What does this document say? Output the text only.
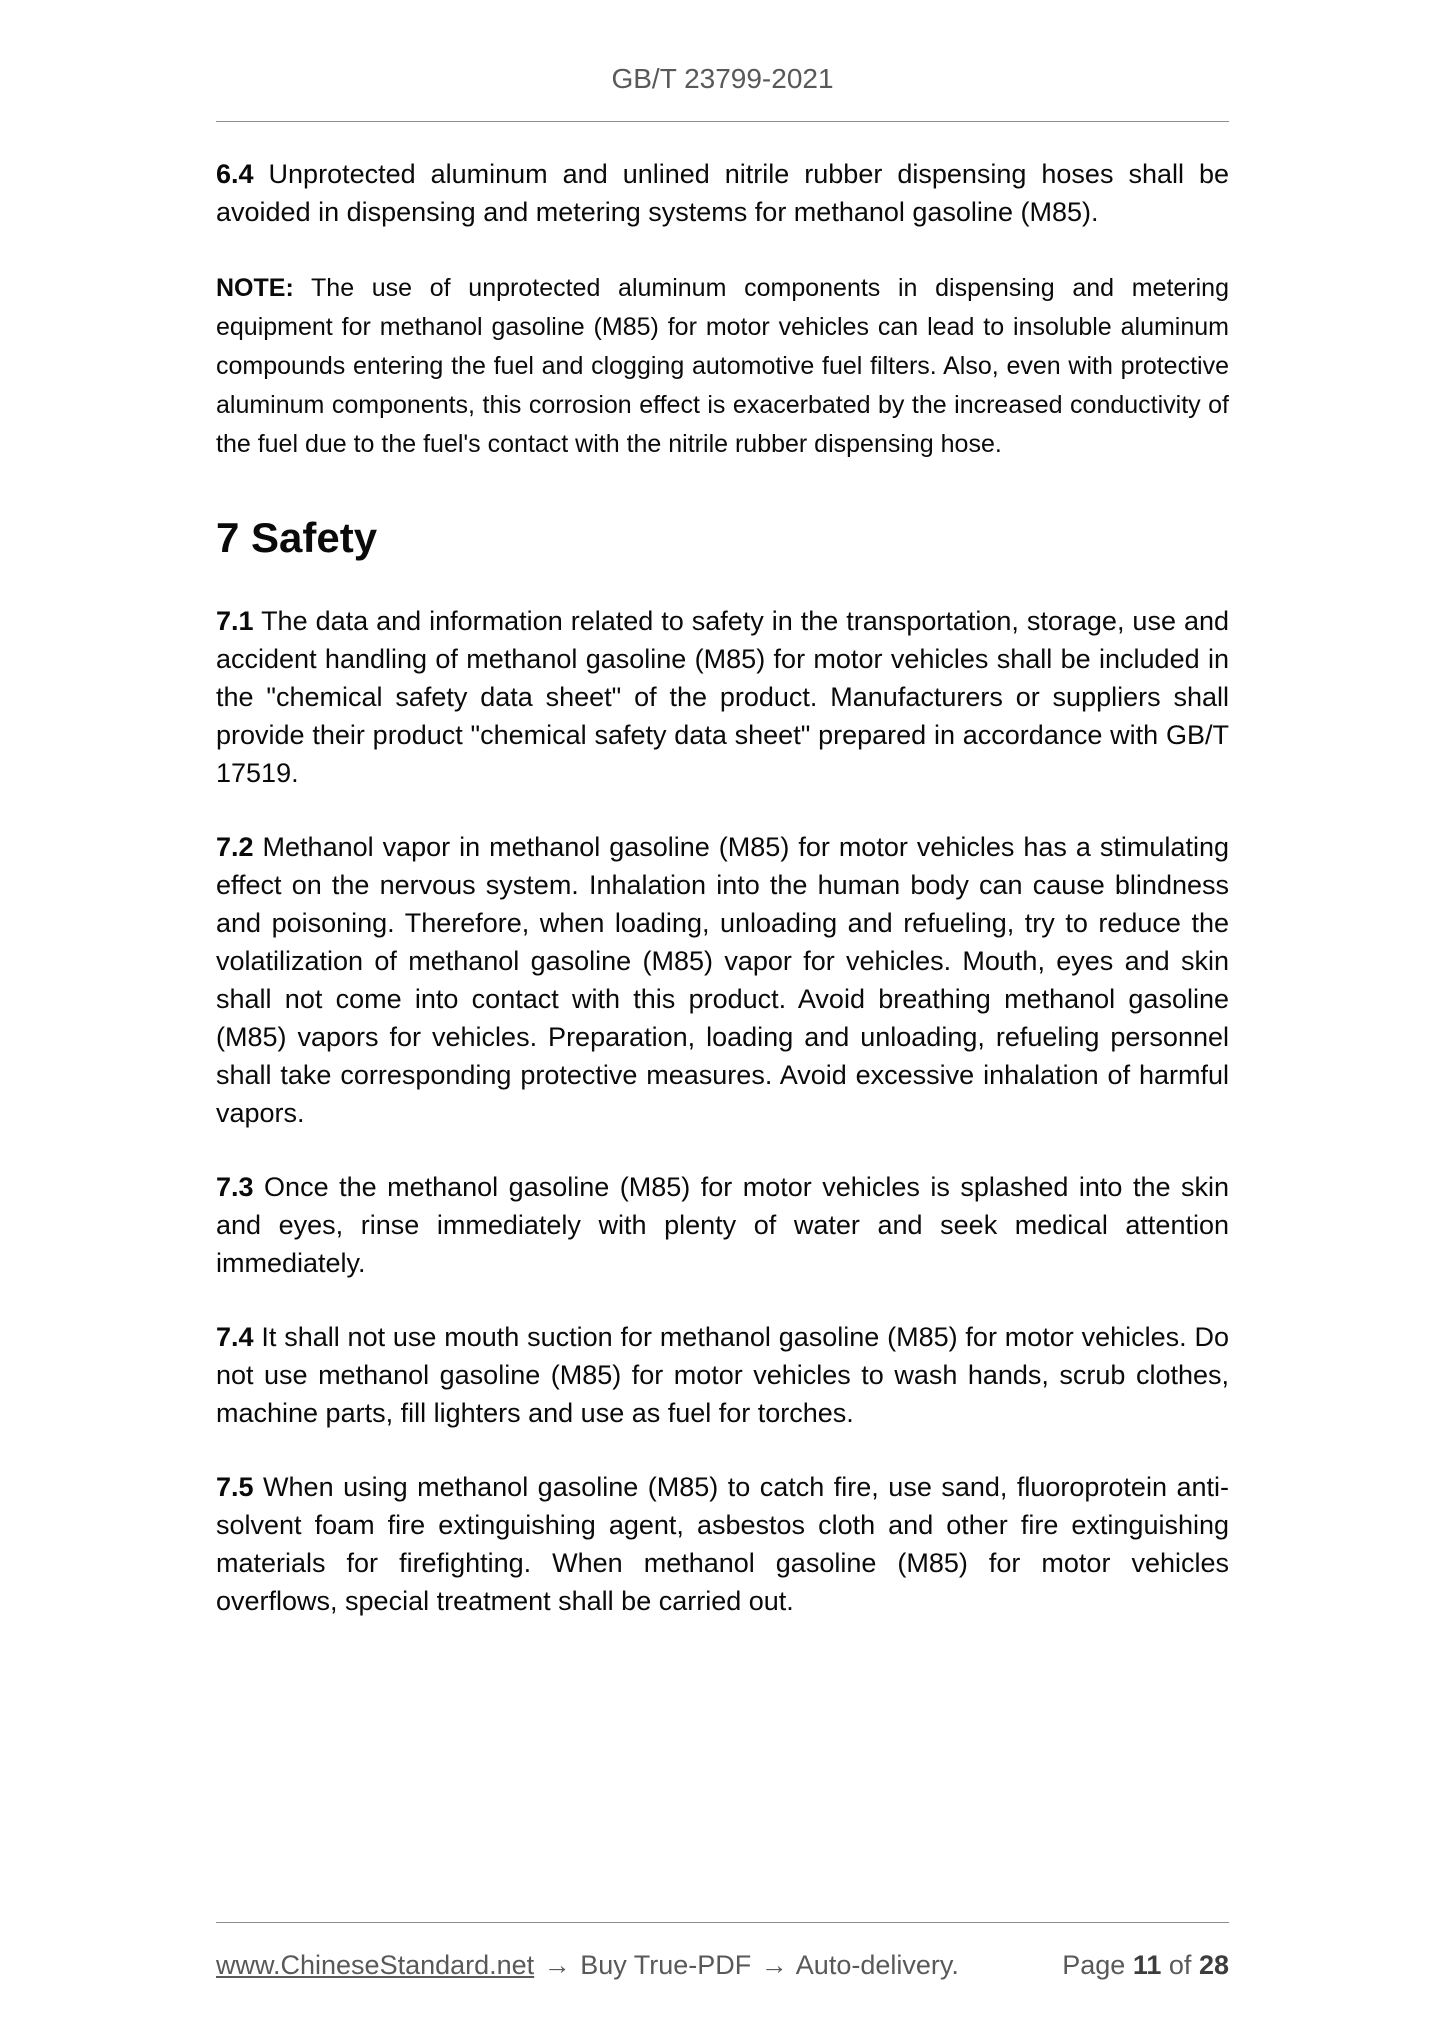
GB/T 23799-2021

6.4 Unprotected aluminum and unlined nitrile rubber dispensing hoses shall be avoided in dispensing and metering systems for methanol gasoline (M85).

NOTE: The use of unprotected aluminum components in dispensing and metering equipment for methanol gasoline (M85) for motor vehicles can lead to insoluble aluminum compounds entering the fuel and clogging automotive fuel filters. Also, even with protective aluminum components, this corrosion effect is exacerbated by the increased conductivity of the fuel due to the fuel's contact with the nitrile rubber dispensing hose.

7 Safety

7.1 The data and information related to safety in the transportation, storage, use and accident handling of methanol gasoline (M85) for motor vehicles shall be included in the "chemical safety data sheet" of the product. Manufacturers or suppliers shall provide their product "chemical safety data sheet" prepared in accordance with GB/T 17519.

7.2 Methanol vapor in methanol gasoline (M85) for motor vehicles has a stimulating effect on the nervous system. Inhalation into the human body can cause blindness and poisoning. Therefore, when loading, unloading and refueling, try to reduce the volatilization of methanol gasoline (M85) vapor for vehicles. Mouth, eyes and skin shall not come into contact with this product. Avoid breathing methanol gasoline (M85) vapors for vehicles. Preparation, loading and unloading, refueling personnel shall take corresponding protective measures. Avoid excessive inhalation of harmful vapors.

7.3 Once the methanol gasoline (M85) for motor vehicles is splashed into the skin and eyes, rinse immediately with plenty of water and seek medical attention immediately.

7.4 It shall not use mouth suction for methanol gasoline (M85) for motor vehicles. Do not use methanol gasoline (M85) for motor vehicles to wash hands, scrub clothes, machine parts, fill lighters and use as fuel for torches.

7.5 When using methanol gasoline (M85) to catch fire, use sand, fluoroprotein anti-solvent foam fire extinguishing agent, asbestos cloth and other fire extinguishing materials for firefighting. When methanol gasoline (M85) for motor vehicles overflows, special treatment shall be carried out.

www.ChineseStandard.net → Buy True-PDF → Auto-delivery.	Page 11 of 28
